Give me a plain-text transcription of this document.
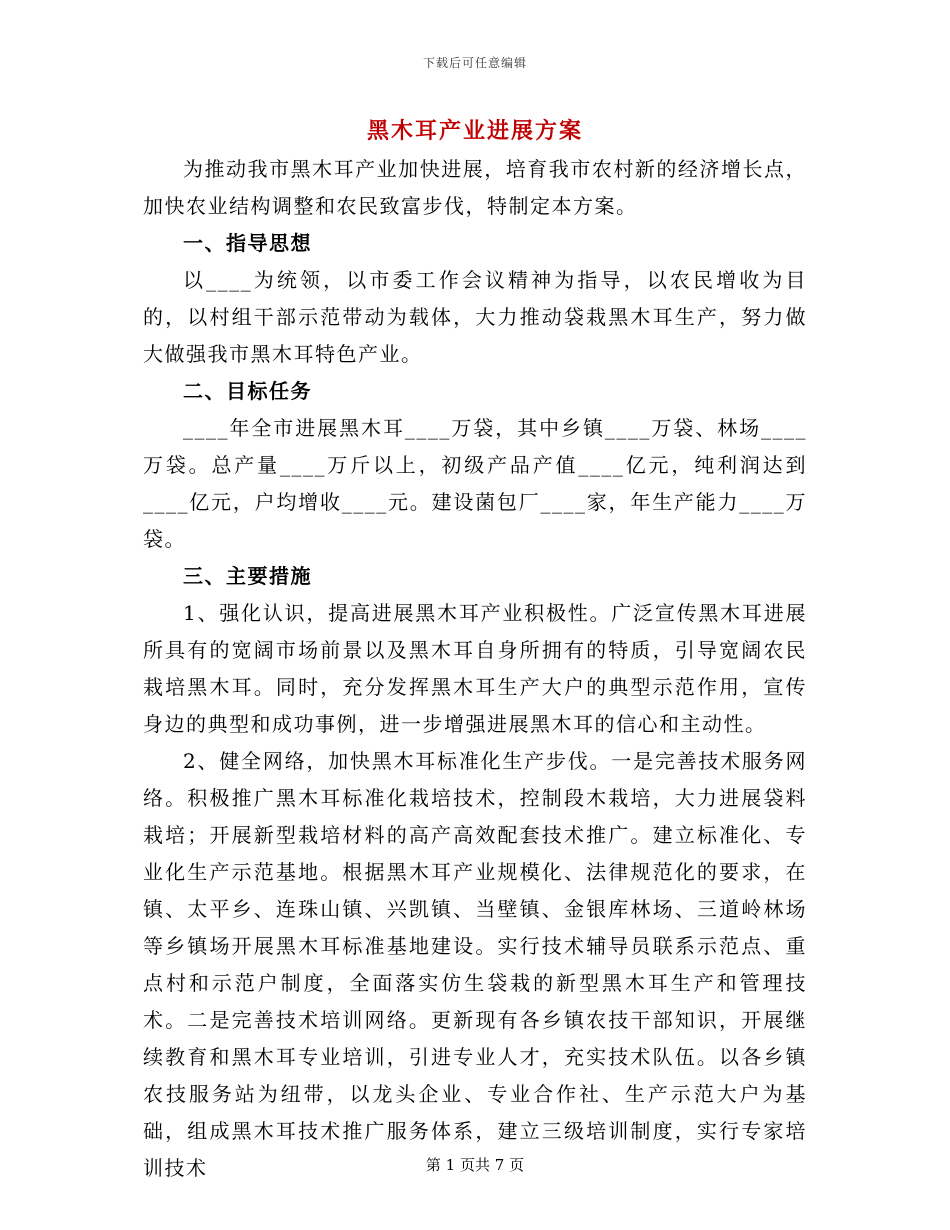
下载后可任意编辑
黑木耳产业进展方案

为推动我市黑木耳产业加快进展，培育我市农村新的经济增长点，加快农业结构调整和农民致富步伐，特制定本方案。

一、指导思想

以____为统领，以市委工作会议精神为指导，以农民增收为目的，以村组干部示范带动为载体，大力推动袋栽黑木耳生产，努力做大做强我市黑木耳特色产业。

二、目标任务

____年全市进展黑木耳____万袋，其中乡镇____万袋、林场____万袋。总产量____万斤以上，初级产品产值____亿元，纯利润达到____亿元，户均增收____元。建设菌包厂____家，年生产能力____万袋。

三、主要措施

1、强化认识，提高进展黑木耳产业积极性。广泛宣传黑木耳进展所具有的宽阔市场前景以及黑木耳自身所拥有的特质，引导宽阔农民栽培黑木耳。同时，充分发挥黑木耳生产大户的典型示范作用，宣传身边的典型和成功事例，进一步增强进展黑木耳的信心和主动性。

2、健全网络，加快黑木耳标准化生产步伐。一是完善技术服务网络。积极推广黑木耳标准化栽培技术，控制段木栽培，大力进展袋料栽培；开展新型栽培材料的高产高效配套技术推广。建立标准化、专业化生产示范基地。根据黑木耳产业规模化、法律规范化的要求，在镇、太平乡、连珠山镇、兴凯镇、当壁镇、金银库林场、三道岭林场等乡镇场开展黑木耳标准基地建设。实行技术辅导员联系示范点、重点村和示范户制度，全面落实仿生袋栽的新型黑木耳生产和管理技术。二是完善技术培训网络。更新现有各乡镇农技干部知识，开展继续教育和黑木耳专业培训，引进专业人才，充实技术队伍。以各乡镇农技服务站为纽带，以龙头企业、专业合作社、生产示范大户为基础，组成黑木耳技术推广服务体系，建立三级培训制度，实行专家培训技术	第 1 页共 7 页
